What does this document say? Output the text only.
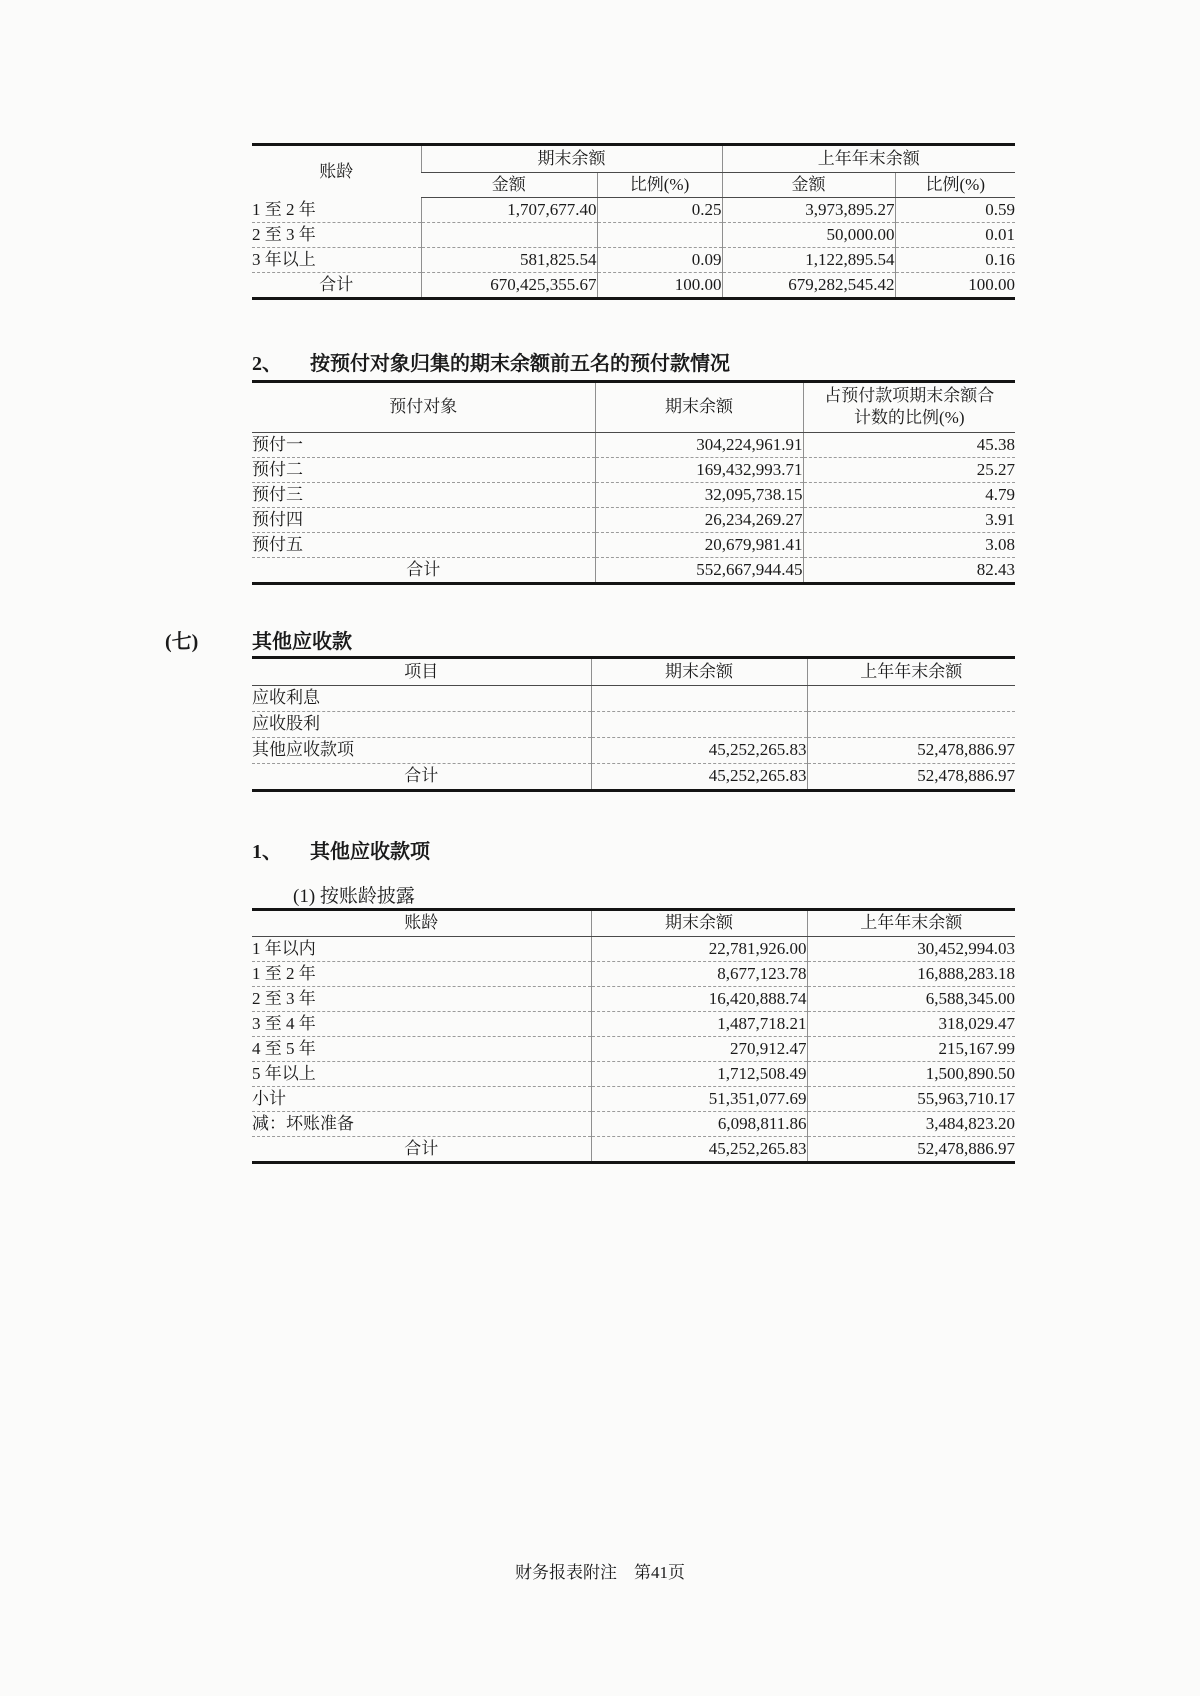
账龄	期末余额		上年年末余额	
	金额	比例(%)	金额	比例(%)
1 至 2 年	1,707,677.40	0.25	3,973,895.27	0.59
2 至 3 年			50,000.00	0.01
3 年以上	581,825.54	0.09	1,122,895.54	0.16
合计	670,425,355.67	100.00	679,282,545.42	100.00
2、	按预付对象归集的期末余额前五名的预付款情况
预付对象	期末余额	占预付款项期末余额合计数的比例(%)
预付一	304,224,961.91	45.38
预付二	169,432,993.71	25.27
预付三	32,095,738.15	4.79
预付四	26,234,269.27	3.91
预付五	20,679,981.41	3.08
合计	552,667,944.45	82.43
(七)	其他应收款
项目	期末余额	上年年末余额
应收利息		
应收股利		
其他应收款项	45,252,265.83	52,478,886.97
合计	45,252,265.83	52,478,886.97
1、	其他应收款项
(1) 按账龄披露
账龄	期末余额	上年年末余额
1 年以内	22,781,926.00	30,452,994.03
1 至 2 年	8,677,123.78	16,888,283.18
2 至 3 年	16,420,888.74	6,588,345.00
3 至 4 年	1,487,718.21	318,029.47
4 至 5 年	270,912.47	215,167.99
5 年以上	1,712,508.49	1,500,890.50
小计	51,351,077.69	55,963,710.17
减：坏账准备	6,098,811.86	3,484,823.20
合计	45,252,265.83	52,478,886.97
财务报表附注　第41页
